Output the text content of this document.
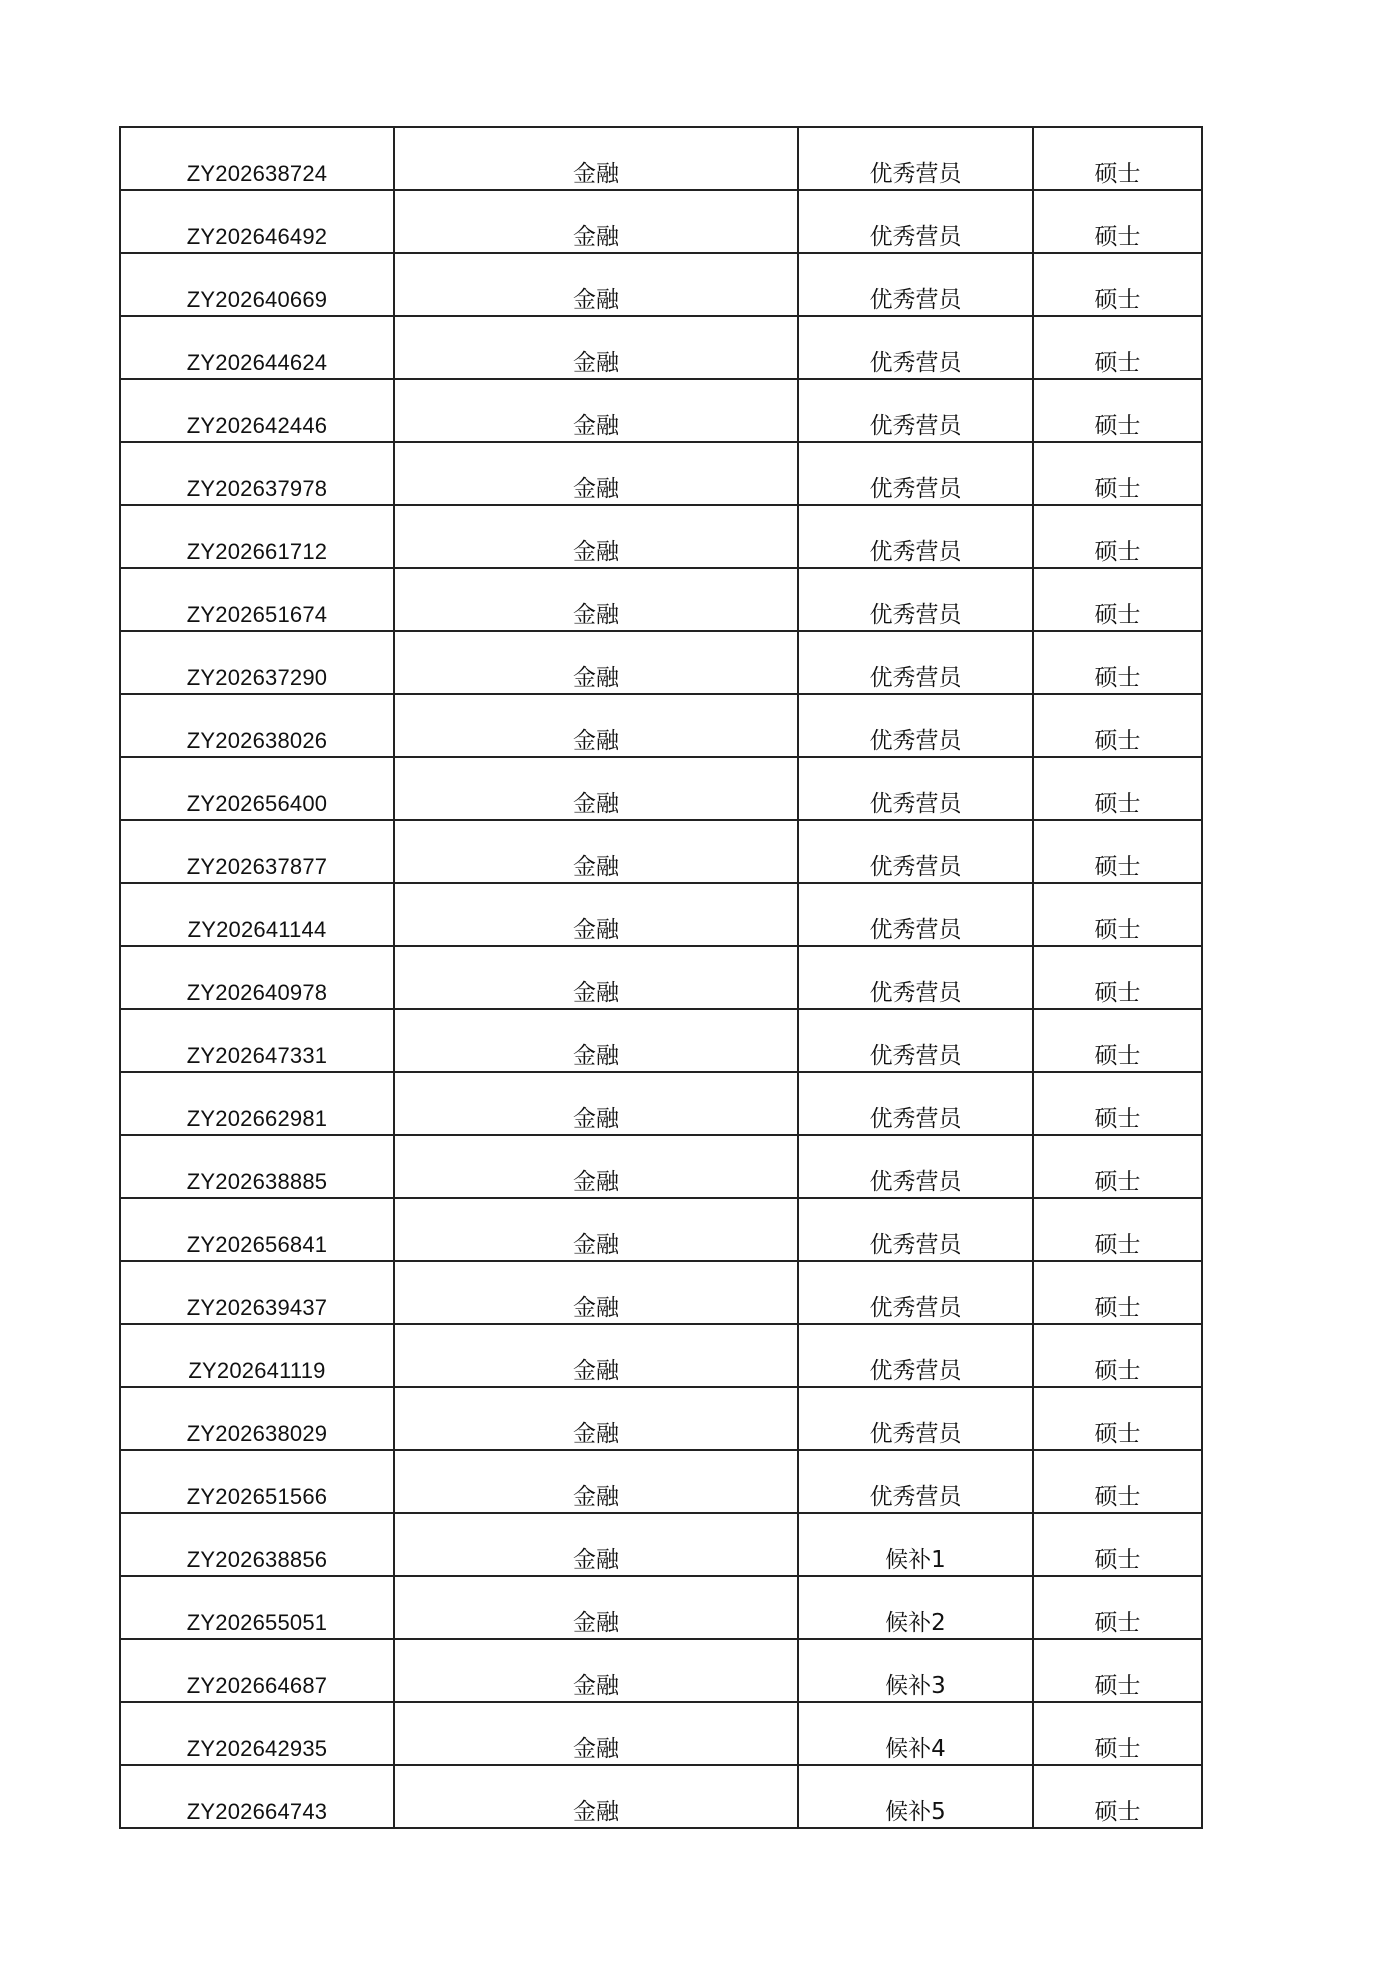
ZY202638724	金融	优秀营员	硕士
ZY202646492	金融	优秀营员	硕士
ZY202640669	金融	优秀营员	硕士
ZY202644624	金融	优秀营员	硕士
ZY202642446	金融	优秀营员	硕士
ZY202637978	金融	优秀营员	硕士
ZY202661712	金融	优秀营员	硕士
ZY202651674	金融	优秀营员	硕士
ZY202637290	金融	优秀营员	硕士
ZY202638026	金融	优秀营员	硕士
ZY202656400	金融	优秀营员	硕士
ZY202637877	金融	优秀营员	硕士
ZY202641144	金融	优秀营员	硕士
ZY202640978	金融	优秀营员	硕士
ZY202647331	金融	优秀营员	硕士
ZY202662981	金融	优秀营员	硕士
ZY202638885	金融	优秀营员	硕士
ZY202656841	金融	优秀营员	硕士
ZY202639437	金融	优秀营员	硕士
ZY202641119	金融	优秀营员	硕士
ZY202638029	金融	优秀营员	硕士
ZY202651566	金融	优秀营员	硕士
ZY202638856	金融	候补1	硕士
ZY202655051	金融	候补2	硕士
ZY202664687	金融	候补3	硕士
ZY202642935	金融	候补4	硕士
ZY202664743	金融	候补5	硕士
